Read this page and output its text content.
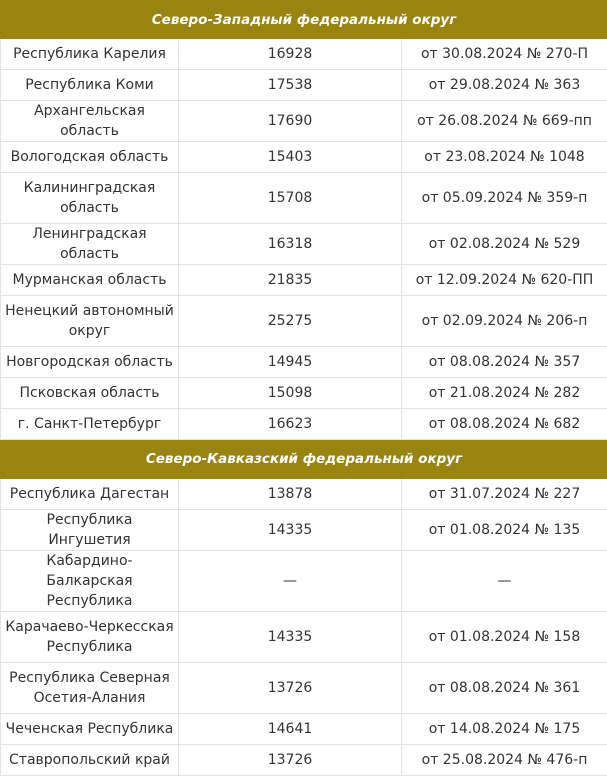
Северо-Западный федеральный округ		
Республика Карелия	16928	от 30.08.2024 № 270-П
Республика Коми	17538	от 29.08.2024 № 363
Архангельская область	17690	от 26.08.2024 № 669-пп
Вологодская область	15403	от 23.08.2024 № 1048
Калининградская область	15708	от 05.09.2024 № 359-п
Ленинградская область	16318	от 02.08.2024 № 529
Мурманская область	21835	от 12.09.2024 № 620-ПП
Ненецкий автономный округ	25275	от 02.09.2024 № 206-п
Новгородская область	14945	от 08.08.2024 № 357
Псковская область	15098	от 21.08.2024 № 282
г. Санкт-Петербург	16623	от 08.08.2024 № 682
Северо-Кавказский федеральный округ		
Республика Дагестан	13878	от 31.07.2024 № 227
Республика Ингушетия	14335	от 01.08.2024 № 135
Кабардино-Балкарская Республика	—	—
Карачаево-Черкесская Республика	14335	от 01.08.2024 № 158
Республика Северная Осетия-Алания	13726	от 08.08.2024 № 361
Чеченская Республика	14641	от 14.08.2024 № 175
Ставропольский край	13726	от 25.08.2024 № 476-п
